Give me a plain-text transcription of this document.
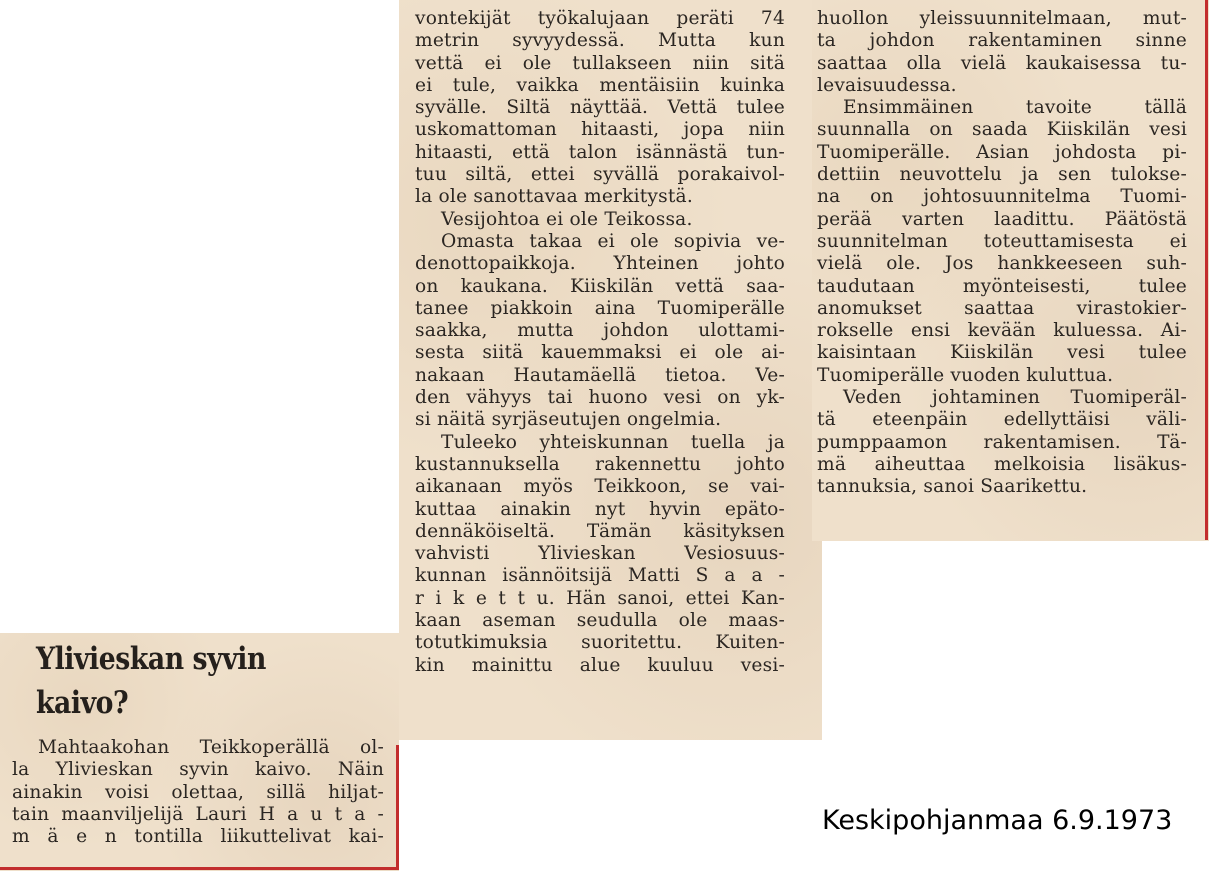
Ylivieskan syvin
kaivo?
Mahtaakohan Teikkoperällä ol-
la Ylivieskan syvin kaivo. Näin
ainakin voisi olettaa, sillä hiljat-
tain maanviljelijä Lauri H a u t a -
m ä e n tontilla liikuttelivat kai-
vontekijät työkalujaan peräti 74
metrin syvyydessä. Mutta kun
vettä ei ole tullakseen niin sitä
ei tule, vaikka mentäisiin kuinka
syvälle. Siltä näyttää. Vettä tulee
uskomattoman hitaasti, jopa niin
hitaasti, että talon isännästä tun-
tuu siltä, ettei syvällä porakaivol-
la ole sanottavaa merkitystä.
Vesijohtoa ei ole Teikossa.
Omasta takaa ei ole sopivia ve-
denottopaikkoja. Yhteinen johto
on kaukana. Kiiskilän vettä saa-
tanee piakkoin aina Tuomiperälle
saakka, mutta johdon ulottami-
sesta siitä kauemmaksi ei ole ai-
nakaan Hautamäellä tietoa. Ve-
den vähyys tai huono vesi on yk-
si näitä syrjäseutujen ongelmia.
Tuleeko yhteiskunnan tuella ja
kustannuksella rakennettu johto
aikanaan myös Teikkoon, se vai-
kuttaa ainakin nyt hyvin epäto-
dennäköiseltä. Tämän käsityksen
vahvisti Ylivieskan Vesiosuus-
kunnan isännöitsijä Matti S a a -
r i k e t t u. Hän sanoi, ettei Kan-
kaan aseman seudulla ole maas-
totutkimuksia suoritettu. Kuiten-
kin mainittu alue kuuluu vesi-
huollon yleissuunnitelmaan, mut-
ta johdon rakentaminen sinne
saattaa olla vielä kaukaisessa tu-
levaisuudessa.
Ensimmäinen tavoite tällä
suunnalla on saada Kiiskilän vesi
Tuomiperälle. Asian johdosta pi-
dettiin neuvottelu ja sen tulokse-
na on johtosuunnitelma Tuomi-
perää varten laadittu. Päätöstä
suunnitelman toteuttamisesta ei
vielä ole. Jos hankkeeseen suh-
taudutaan myönteisesti, tulee
anomukset saattaa virastokier-
rokselle ensi kevään kuluessa. Ai-
kaisintaan Kiiskilän vesi tulee
Tuomiperälle vuoden kuluttua.
Veden johtaminen Tuomiperäl-
tä eteenpäin edellyttäisi väli-
pumppaamon rakentamisen. Tä-
mä aiheuttaa melkoisia lisäkus-
tannuksia, sanoi Saarikettu.
Keskipohjanmaa 6.9.1973
